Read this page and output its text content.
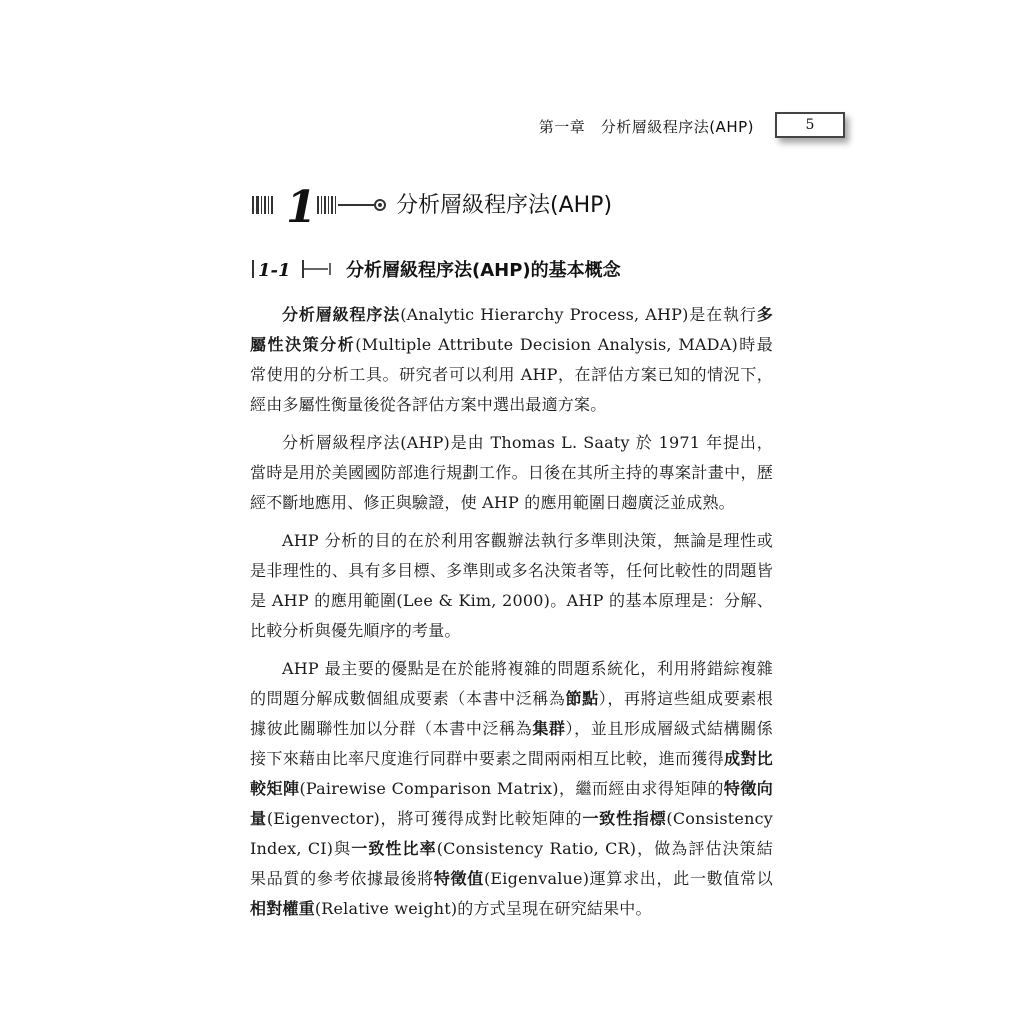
第一章　分析層級程序法(AHP)	5
1	分析層級程序法(AHP)
1-1	分析層級程序法(AHP)的基本概念

分析層級程序法(Analytic Hierarchy Process, AHP)是在執行多屬性決策分析(Multiple Attribute Decision Analysis, MADA)時最常使用的分析工具。研究者可以利用 AHP，在評估方案已知的情況下，經由多屬性衡量後從各評估方案中選出最適方案。

分析層級程序法(AHP)是由 Thomas L. Saaty 於 1971 年提出，當時是用於美國國防部進行規劃工作。日後在其所主持的專案計畫中，歷經不斷地應用、修正與驗證，使 AHP 的應用範圍日趨廣泛並成熟。

AHP 分析的目的在於利用客觀辦法執行多準則決策，無論是理性或是非理性的、具有多目標、多準則或多名決策者等，任何比較性的問題皆是 AHP 的應用範圍(Lee & Kim, 2000)。AHP 的基本原理是：分解、比較分析與優先順序的考量。

AHP 最主要的優點是在於能將複雜的問題系統化，利用將錯綜複雜的問題分解成數個組成要素（本書中泛稱為節點），再將這些組成要素根據彼此關聯性加以分群（本書中泛稱為集群），並且形成層級式結構關係接下來藉由比率尺度進行同群中要素之間兩兩相互比較，進而獲得成對比較矩陣(Pairewise Comparison Matrix)，繼而經由求得矩陣的特徵向量(Eigenvector)，將可獲得成對比較矩陣的一致性指標(Consistency Index, CI)與一致性比率(Consistency Ratio, CR)，做為評估決策結果品質的參考依據最後將特徵值(Eigenvalue)運算求出，此一數值常以相對權重(Relative weight)的方式呈現在研究結果中。
